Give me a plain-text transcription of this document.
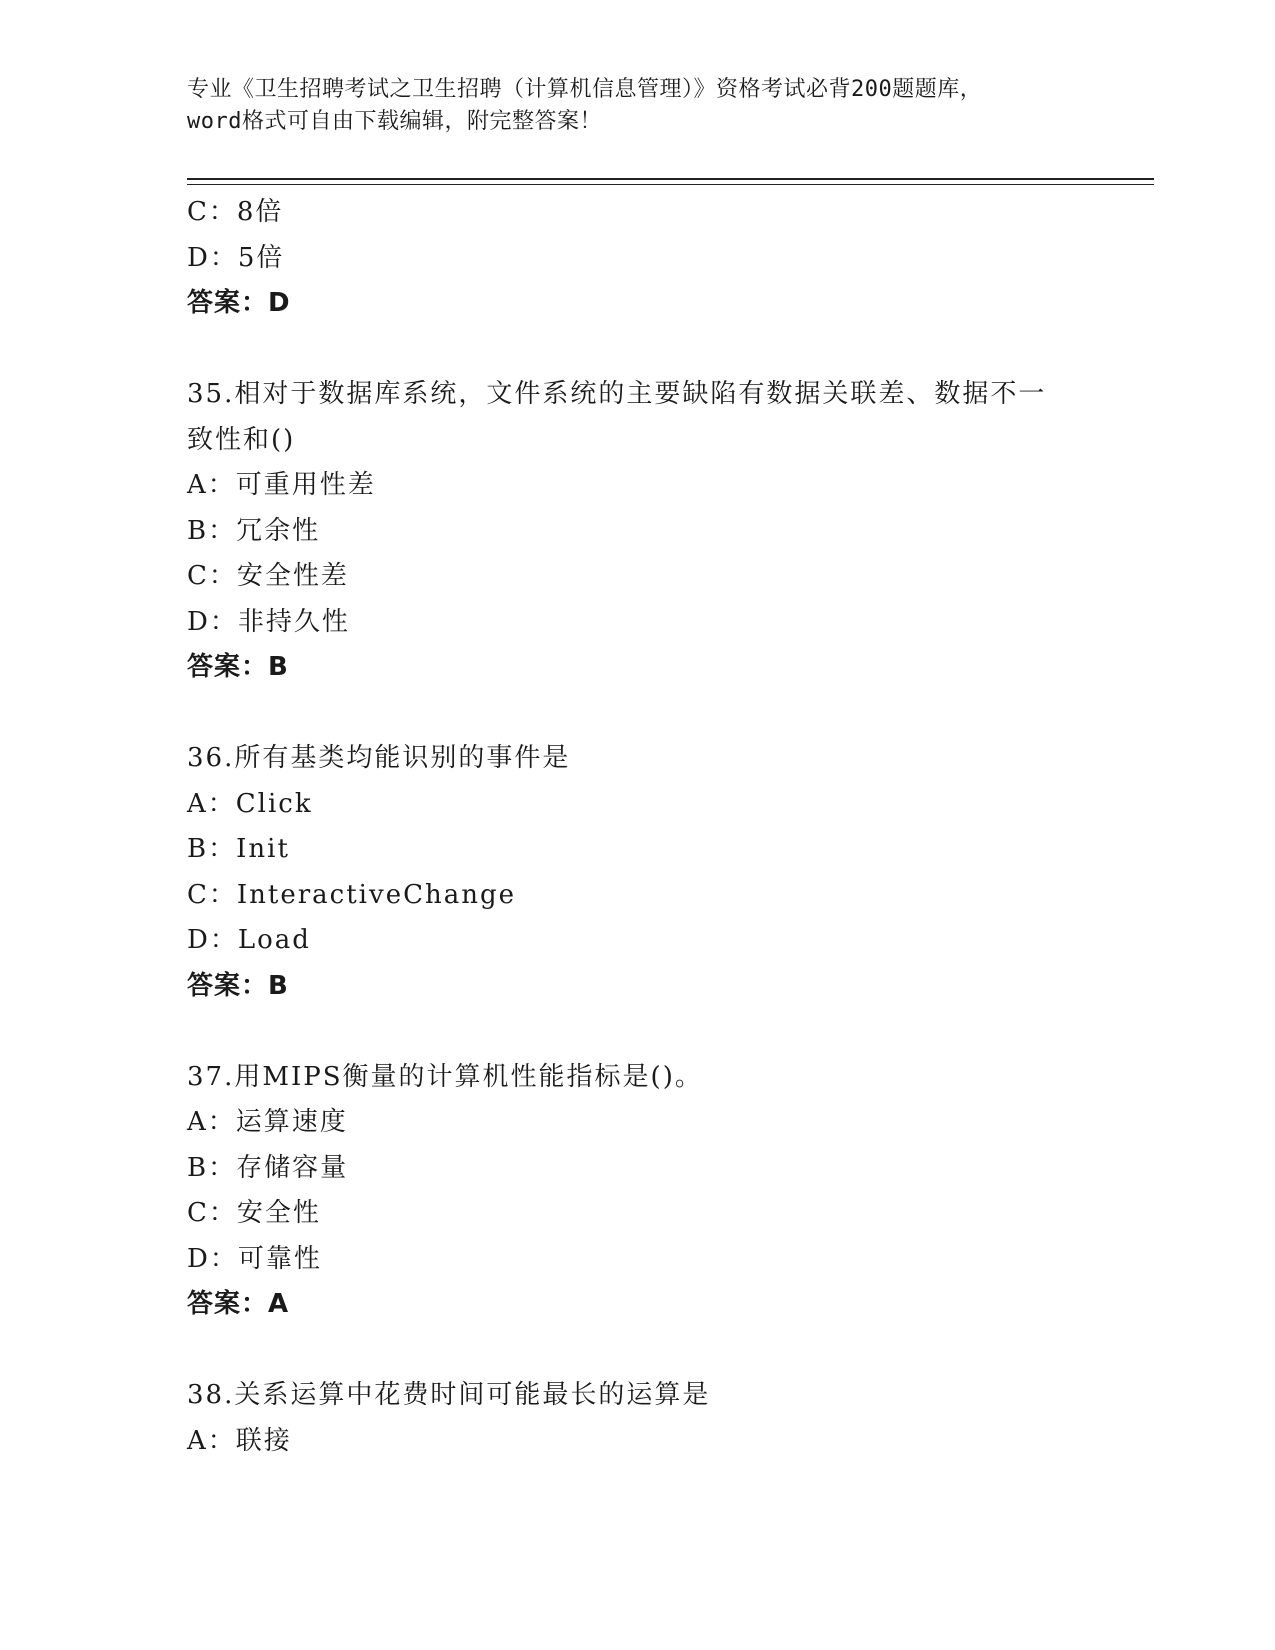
专业《卫生招聘考试之卫生招聘（计算机信息管理）》资格考试必背200题题库，
word格式可自由下载编辑，附完整答案！
C：8倍
D：5倍
答案：D
35.相对于数据库系统，文件系统的主要缺陷有数据关联差、数据不一
致性和()
A：可重用性差
B：冗余性
C：安全性差
D：非持久性
答案：B
36.所有基类均能识别的事件是
A：Click
B：Init
C：InteractiveChange
D：Load
答案：B
37.用MIPS衡量的计算机性能指标是()。
A：运算速度
B：存储容量
C：安全性
D：可靠性
答案：A
38.关系运算中花费时间可能最长的运算是
A：联接
